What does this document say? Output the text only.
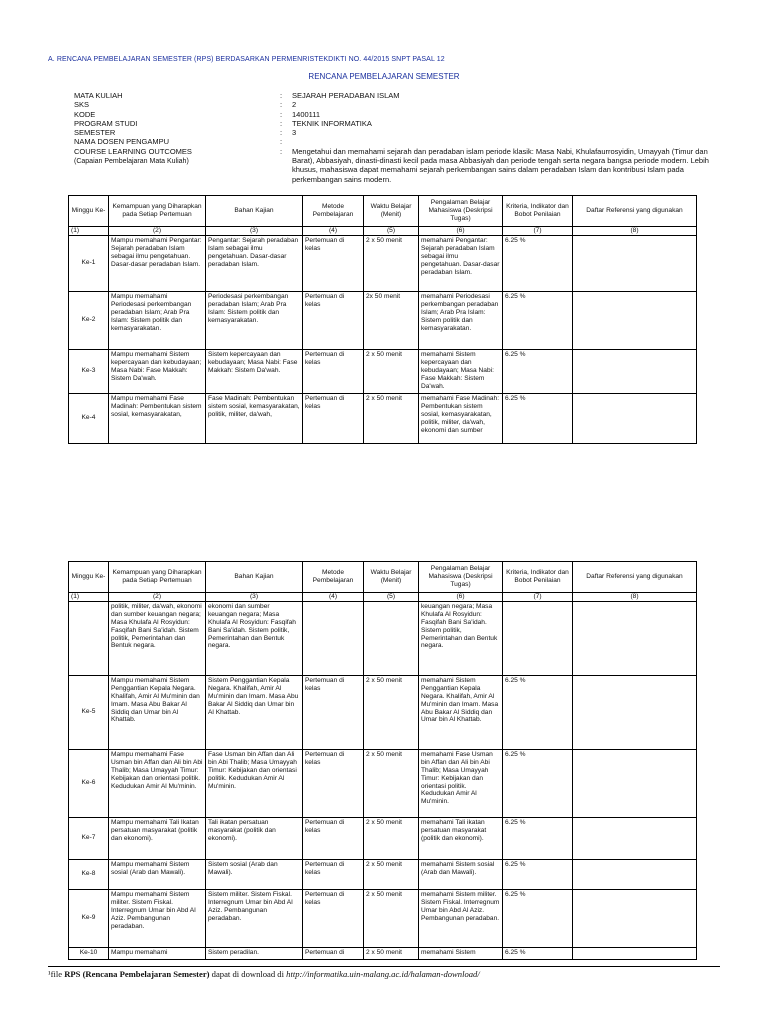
A. RENCANA PEMBELAJARAN SEMESTER (RPS) BERDASARKAN PERMENRISTEKDIKTI NO. 44/2015 SNPT PASAL 12
RENCANA PEMBELAJARAN SEMESTER
MATA KULIAH	:	SEJARAH PERADABAN ISLAM
SKS	:	2
KODE	:	1400111
PROGRAM STUDI	:	TEKNIK INFORMATIKA
SEMESTER	:	3
NAMA DOSEN PENGAMPU	:
COURSE LEARNING OUTCOMES
(Capaian Pembelajaran Mata Kuliah)
:	Mengetahui dan memahami sejarah dan peradaban islam periode klasik: Masa Nabi, Khulafaurrosyidin, Umayyah (Timur dan Barat), Abbasiyah, dinasti-dinasti kecil pada masa Abbasiyah dan periode tengah serta negara bangsa periode modern. Lebih khusus, mahasiswa dapat memahami sejarah perkembangan sains dalam peradaban Islam dan kontribusi Islam pada perkembangan sains modern.
Minggu Ke-	Kemampuan yang Diharapkan pada Setiap Pertemuan	Bahan Kajian	Metode Pembelajaran	Waktu Belajar (Menit)	Pengalaman Belajar Mahasiswa (Deskripsi Tugas)	Kriteria, Indikator dan Bobot Penilaian	Daftar Referensi yang digunakan
(1)	(2)	(3)	(4)	(5)	(6)	(7)	(8)
Ke-1	Mampu memahami Pengantar: Sejarah peradaban Islam sebagai ilmu pengetahuan. Dasar-dasar peradaban Islam.	Pengantar: Sejarah peradaban Islam sebagai ilmu pengetahuan. Dasar-dasar peradaban Islam.	Pertemuan di kelas	2 x 50 menit	memahami Pengantar: Sejarah peradaban Islam sebagai ilmu pengetahuan. Dasar-dasar peradaban Islam.	6.25 %	
Ke-2	Mampu memahami Periodesasi perkembangan peradaban Islam; Arab Pra Islam: Sistem politik dan kemasyarakatan.	Periodesasi perkembangan peradaban Islam; Arab Pra Islam: Sistem politik dan kemasyarakatan.	Pertemuan di kelas	2x 50 menit	memahami Periodesasi perkembangan peradaban Islam; Arab Pra Islam: Sistem politik dan kemasyarakatan.	6.25 %	
Ke-3	Mampu memahami Sistem kepercayaan dan kebudayaan; Masa Nabi: Fase Makkah: Sistem Da'wah.	Sistem kepercayaan dan kebudayaan; Masa Nabi: Fase Makkah: Sistem Da'wah.	Pertemuan di kelas	2 x 50 menit	memahami Sistem kepercayaan dan kebudayaan; Masa Nabi: Fase Makkah: Sistem Da'wah.	6.25 %	
Ke-4	Mampu memahami Fase Madinah: Pembentukan sistem sosial, kemasyarakatan,	Fase Madinah: Pembentukan sistem sosial, kemasyarakatan, politik, militer, da'wah,	Pertemuan di kelas	2 x 50 menit	memahami Fase Madinah: Pembentukan sistem sosial, kemasyarakatan, politik, militer, da'wah, ekonomi dan sumber	6.25 %	
Minggu Ke-	Kemampuan yang Diharapkan pada Setiap Pertemuan	Bahan Kajian	Metode Pembelajaran	Waktu Belajar (Menit)	Pengalaman Belajar Mahasiswa (Deskripsi Tugas)	Kriteria, Indikator dan Bobot Penilaian	Daftar Referensi yang digunakan
(1)	(2)	(3)	(4)	(5)	(6)	(7)	(8)
	politik, militer, da'wah, ekonomi dan sumber keuangan negara; Masa Khulafa Al Rosyidun: Fasqifah Bani Sa'idah. Sistem politik, Pemerintahan dan Bentuk negara.	ekonomi dan sumber keuangan negara; Masa Khulafa Al Rosyidun: Fasqifah Bani Sa'idah. Sistem politik, Pemerintahan dan Bentuk negara.			keuangan negara; Masa Khulafa Al Rosyidun: Fasqifah Bani Sa'idah. Sistem politik, Pemerintahan dan Bentuk negara.		
Ke-5	Mampu memahami Sistem Penggantian Kepala Negara. Khalifah, Amir Al Mu'minin dan Imam. Masa Abu Bakar Al Siddiq dan Umar bin Al Khattab.	Sistem Penggantian Kepala Negara. Khalifah, Amir Al Mu'minin dan Imam. Masa Abu Bakar Al Siddiq dan Umar bin Al Khattab.	Pertemuan di kelas	2 x 50 menit	memahami Sistem Penggantian Kepala Negara. Khalifah, Amir Al Mu'minin dan Imam. Masa Abu Bakar Al Siddiq dan Umar bin Al Khattab.	6.25 %	
Ke-6	Mampu memahami Fase Usman bin Affan dan Ali bin Abi Thalib; Masa Umayyah Timur: Kebijakan dan orientasi politik. Kedudukan Amir Al Mu'minin.	Fase Usman bin Affan dan Ali bin Abi Thalib; Masa Umayyah Timur: Kebijakan dan orientasi politik. Kedudukan Amir Al Mu'minin.	Pertemuan di kelas	2 x 50 menit	memahami Fase Usman bin Affan dan Ali bin Abi Thalib; Masa Umayyah Timur: Kebijakan dan orientasi politik. Kedudukan Amir Al Mu'minin.	6.25 %	
Ke-7	Mampu memahami Tali Ikatan persatuan masyarakat (politik dan ekonomi).	Tali ikatan persatuan masyarakat (politik dan ekonomi).	Pertemuan di kelas	2 x 50 menit	memahami Tali ikatan persatuan masyarakat (politik dan ekonomi).	6.25 %	
Ke-8	Mampu memahami Sistem sosial (Arab dan Mawali).	Sistem sosial (Arab dan Mawali).	Pertemuan di kelas	2 x 50 menit	memahami Sistem sosial (Arab dan Mawali).	6.25 %	
Ke-9	Mampu memahami Sistem militer. Sistem Fiskal. Interregnum Umar bin Abd Al Aziz. Pembangunan peradaban.	Sistem militer. Sistem Fiskal. Interregnum Umar bin Abd Al Aziz. Pembangunan peradaban.	Pertemuan di kelas	2 x 50 menit	memahami Sistem militer. Sistem Fiskal. Interregnum Umar bin Abd Al Aziz. Pembangunan peradaban.	6.25 %	
Ke-10	Mampu memahami	Sistem peradilan.	Pertemuan di	2 x 50 menit	memahami Sistem	6.25 %	
¹file RPS (Rencana Pembelajaran Semester) dapat di download di http://informatika.uin-malang.ac.id/halaman-download/
